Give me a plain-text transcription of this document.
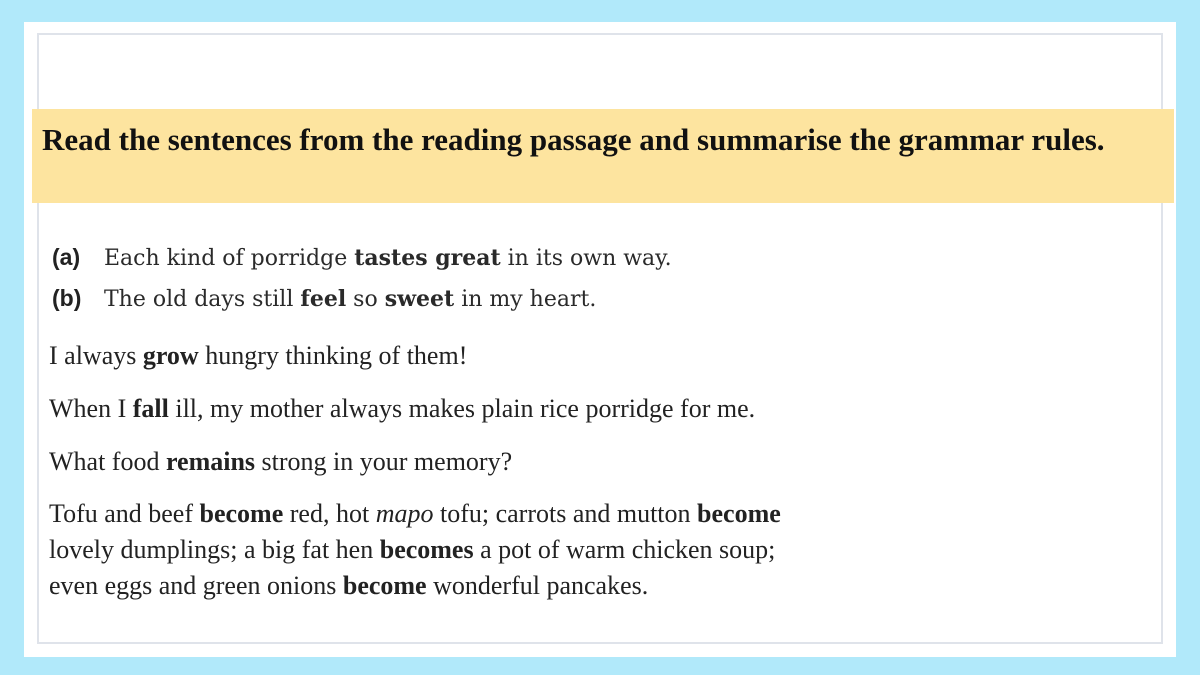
Read the sentences from the reading passage and summarise the grammar rules.

(a) Each kind of porridge tastes great in its own way.
(b) The old days still feel so sweet in my heart.
I always grow hungry thinking of them!
When I fall ill, my mother always makes plain rice porridge for me.
What food remains strong in your memory?
Tofu and beef become red, hot mapo tofu; carrots and mutton become
lovely dumplings; a big fat hen becomes a pot of warm chicken soup;
even eggs and green onions become wonderful pancakes.
